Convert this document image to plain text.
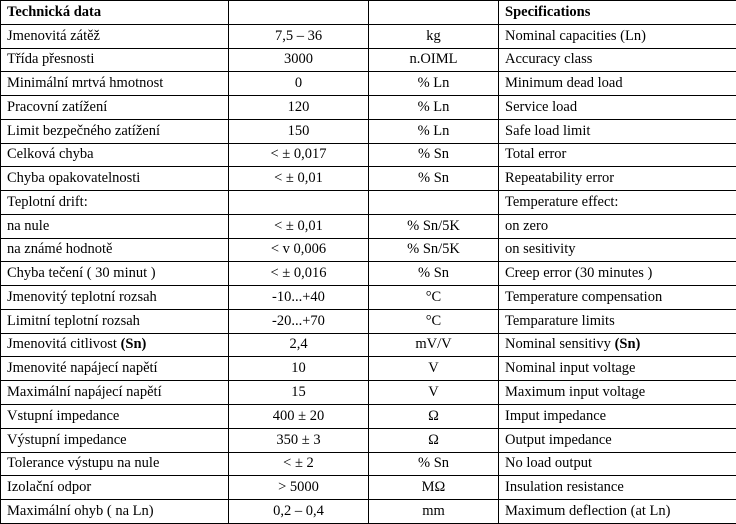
Technická data			Specifications
Jmenovitá zátěž	7,5 – 36	kg	Nominal capacities (Ln)
Třída přesnosti	3000	n.OIML	Accuracy class
Minimální mrtvá hmotnost	0	% Ln	Minimum dead load
Pracovní zatížení	120	% Ln	Service load
Limit bezpečného zatížení	150	% Ln	Safe load limit
Celková chyba	< ± 0,017	% Sn	Total error
Chyba opakovatelnosti	< ± 0,01	% Sn	Repeatability error
Teplotní drift:			Temperature effect:
na nule	< ± 0,01	% Sn/5K	on zero
na známé hodnotě	< v 0,006	% Sn/5K	on sesitivity
Chyba tečení ( 30 minut )	< ± 0,016	% Sn	Creep error (30 minutes )
Jmenovitý teplotní rozsah	-10...+40	°C	Temperature compensation
Limitní teplotní rozsah	-20...+70	°C	Temparature limits
Jmenovitá citlivost (Sn)	2,4	mV/V	Nominal sensitivy (Sn)
Jmenovité napájecí napětí	10	V	Nominal input voltage
Maximální napájecí napětí	15	V	Maximum input voltage
Vstupní impedance	400 ± 20	Ω	Imput impedance
Výstupní impedance	350 ± 3	Ω	Output impedance
Tolerance výstupu na nule	< ± 2	% Sn	No load output
Izolační odpor	> 5000	MΩ	Insulation resistance
Maximální ohyb ( na Ln)	0,2 – 0,4	mm	Maximum deflection (at Ln)
